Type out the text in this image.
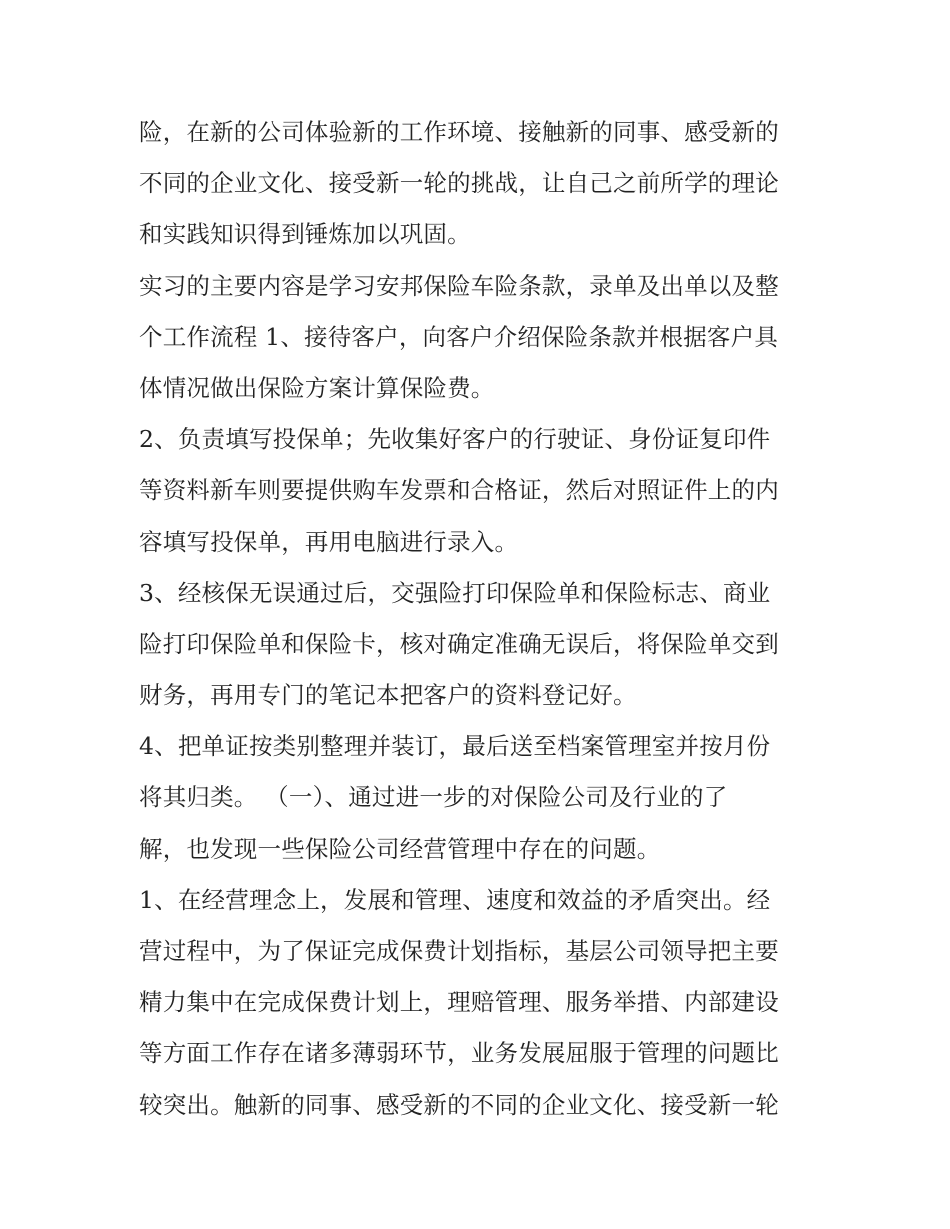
险，在新的公司体验新的工作环境、接触新的同事、感受新的
不同的企业文化、接受新一轮的挑战，让自己之前所学的理论
和实践知识得到锤炼加以巩固。
实习的主要内容是学习安邦保险车险条款，录单及出单以及整
个工作流程 1、接待客户，向客户介绍保险条款并根据客户具
体情况做出保险方案计算保险费。
2、负责填写投保单；先收集好客户的行驶证、身份证复印件
等资料新车则要提供购车发票和合格证，然后对照证件上的内
容填写投保单，再用电脑进行录入。
3、经核保无误通过后，交强险打印保险单和保险标志、商业
险打印保险单和保险卡，核对确定准确无误后，将保险单交到
财务，再用专门的笔记本把客户的资料登记好。
4、把单证按类别整理并装订，最后送至档案管理室并按月份
将其归类。 （一）、通过进一步的对保险公司及行业的了
解，也发现一些保险公司经营管理中存在的问题。
1、在经营理念上，发展和管理、速度和效益的矛盾突出。经
营过程中，为了保证完成保费计划指标，基层公司领导把主要
精力集中在完成保费计划上，理赔管理、服务举措、内部建设
等方面工作存在诸多薄弱环节，业务发展屈服于管理的问题比
较突出。触新的同事、感受新的不同的企业文化、接受新一轮
